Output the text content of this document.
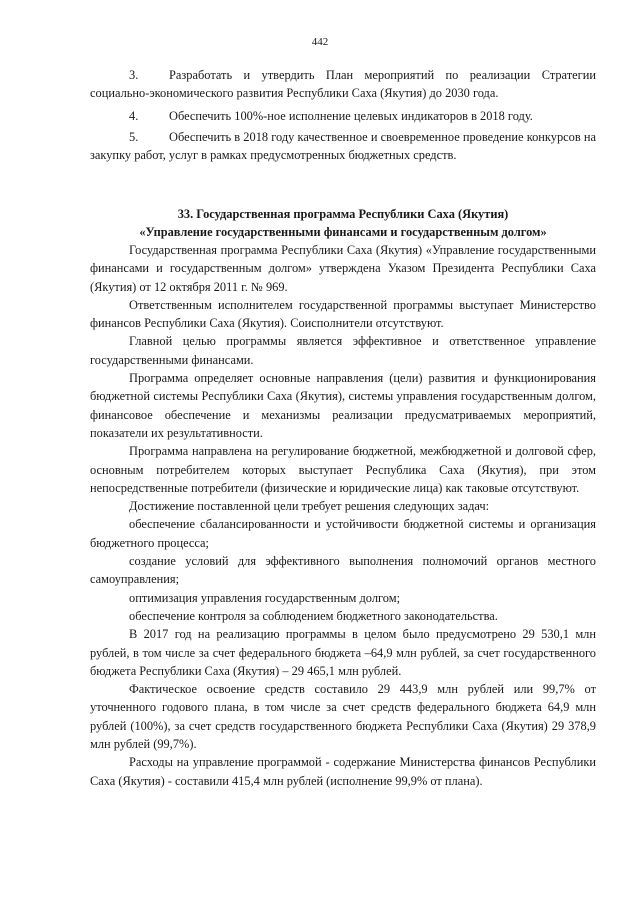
442

3. Разработать и утвердить План мероприятий по реализации Стратегии социально-экономического развития Республики Саха (Якутия) до 2030 года.

4. Обеспечить 100%-ное исполнение целевых индикаторов в 2018 году.

5. Обеспечить в 2018 году качественное и своевременное проведение конкурсов на закупку работ, услуг в рамках предусмотренных бюджетных средств.

33. Государственная программа Республики Саха (Якутия)

«Управление государственными финансами и государственным долгом»

Государственная программа Республики Саха (Якутия) «Управление государственными финансами и государственным долгом» утверждена Указом Президента Республики Саха (Якутия) от 12 октября 2011 г. № 969.

Ответственным исполнителем государственной программы выступает Министерство финансов Республики Саха (Якутия). Соисполнители отсутствуют.

Главной целью программы является эффективное и ответственное управление государственными финансами.

Программа определяет основные направления (цели) развития и функционирования бюджетной системы Республики Саха (Якутия), системы управления государственным долгом, финансовое обеспечение и механизмы реализации предусматриваемых мероприятий, показатели их результативности.

Программа направлена на регулирование бюджетной, межбюджетной и долговой сфер, основным потребителем которых выступает Республика Саха (Якутия), при этом непосредственные потребители (физические и юридические лица) как таковые отсутствуют.

Достижение поставленной цели требует решения следующих задач:

обеспечение сбалансированности и устойчивости бюджетной системы и организация бюджетного процесса;

создание условий для эффективного выполнения полномочий органов местного самоуправления;

оптимизация управления государственным долгом;

обеспечение контроля за соблюдением бюджетного законодательства.

В 2017 год на реализацию программы в целом было предусмотрено 29 530,1 млн рублей, в том числе за счет федерального бюджета –64,9 млн рублей, за счет государственного бюджета Республики Саха (Якутия) – 29 465,1 млн рублей.

Фактическое освоение средств составило 29 443,9 млн рублей или 99,7% от уточненного годового плана, в том числе за счет средств федерального бюджета 64,9 млн рублей (100%), за счет средств государственного бюджета Республики Саха (Якутия) 29 378,9 млн рублей (99,7%).

Расходы на управление программой - содержание Министерства финансов Республики Саха (Якутия) - составили 415,4 млн рублей (исполнение 99,9% от плана).
